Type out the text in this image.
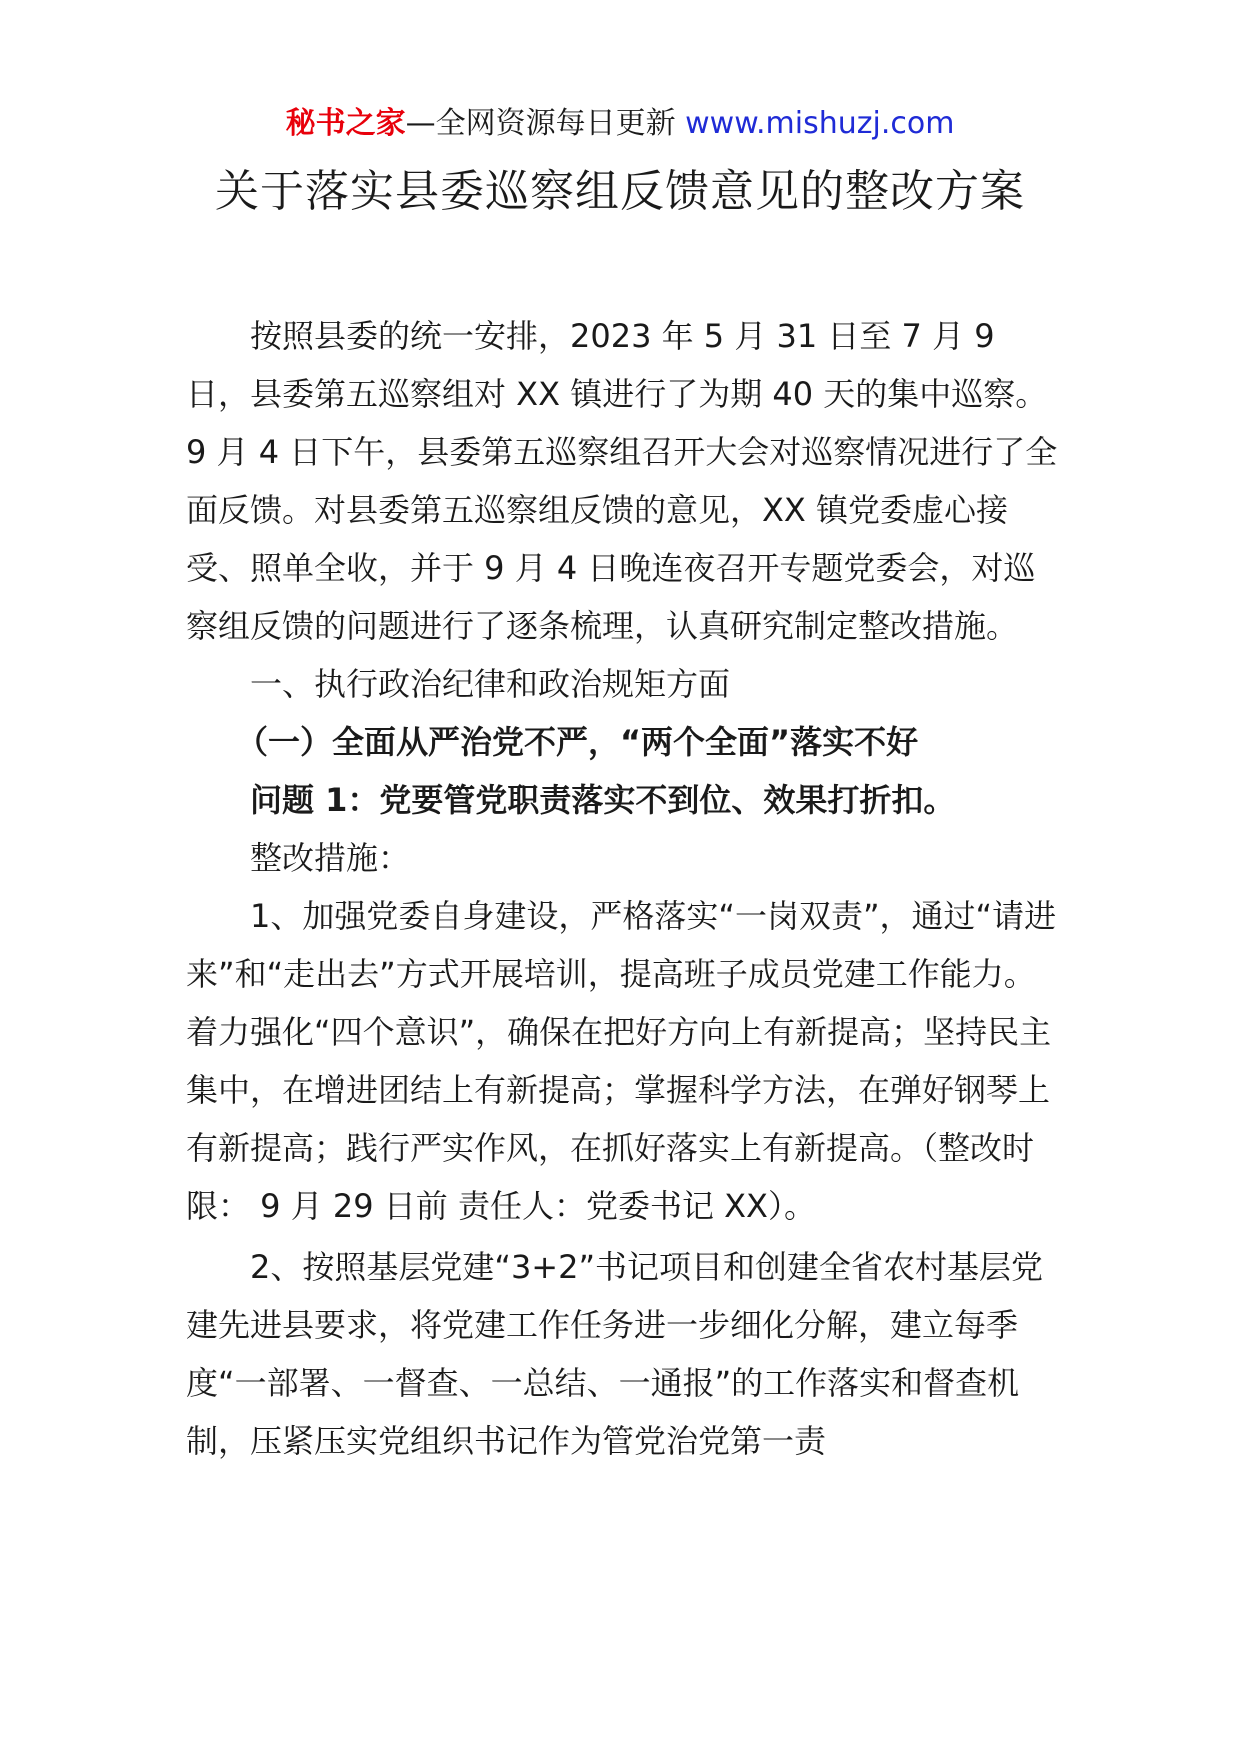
秘书之家—全网资源每日更新 www.mishuzj.com
关于落实县委巡察组反馈意见的整改方案

按照县委的统一安排，2023 年 5 月 31 日至 7 月 9 日，县委第五巡察组对 XX 镇进行了为期 40 天的集中巡察。9 月 4 日下午，县委第五巡察组召开大会对巡察情况进行了全面反馈。对县委第五巡察组反馈的意见，XX 镇党委虚心接受、照单全收，并于 9 月 4 日晚连夜召开专题党委会，对巡察组反馈的问题进行了逐条梳理，认真研究制定整改措施。

一、执行政治纪律和政治规矩方面

（一）全面从严治党不严，“两个全面”落实不好

问题 1：党要管党职责落实不到位、效果打折扣。

整改措施：

1、加强党委自身建设，严格落实“一岗双责”，通过“请进来”和“走出去”方式开展培训，提高班子成员党建工作能力。着力强化“四个意识”，确保在把好方向上有新提高；坚持民主集中，在增进团结上有新提高；掌握科学方法，在弹好钢琴上有新提高；践行严实作风，在抓好落实上有新提高。（整改时限： 9 月 29 日前 责任人：党委书记 XX）。

2、按照基层党建“3+2”书记项目和创建全省农村基层党建先进县要求，将党建工作任务进一步细化分解，建立每季度“一部署、一督查、一总结、一通报”的工作落实和督查机制，压紧压实党组织书记作为管党治党第一责
